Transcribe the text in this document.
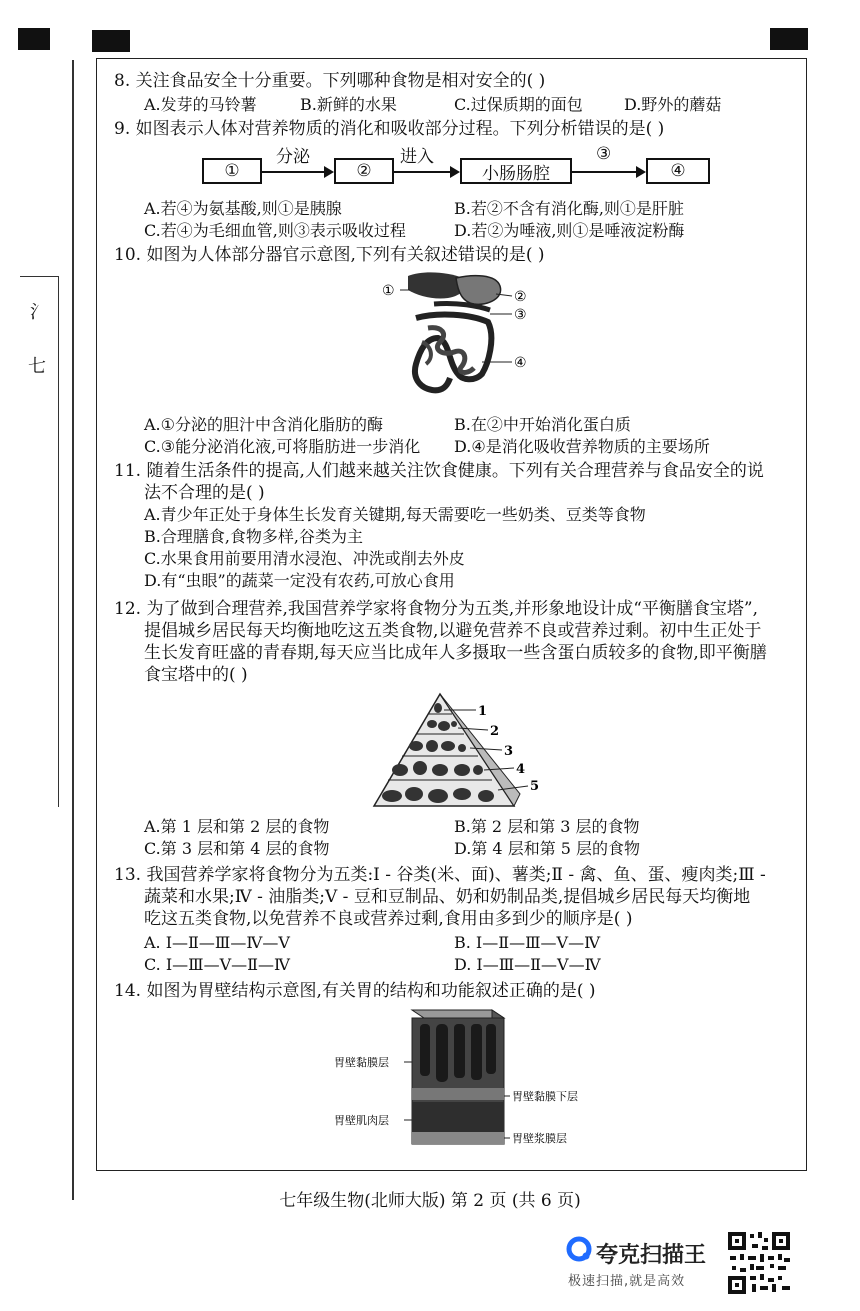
氵
七
8. 关注食品安全十分重要。下列哪种食物是相对安全的( )
A.发芽的马铃薯	B.新鲜的水果	C.过保质期的面包	D.野外的蘑菇
9. 如图表示人体对营养物质的消化和吸收部分过程。下列分析错误的是( )
①
分泌
②
进入
小肠肠腔
③
④
A.若④为氨基酸,则①是胰腺	B.若②不含有消化酶,则①是肝脏
C.若④为毛细血管,则③表示吸收过程	D.若②为唾液,则①是唾液淀粉酶
10. 如图为人体部分器官示意图,下列有关叙述错误的是( )
①	②
③
④
A.①分泌的胆汁中含消化脂肪的酶	B.在②中开始消化蛋白质
C.③能分泌消化液,可将脂肪进一步消化 D.④是消化吸收营养物质的主要场所
11. 随着生活条件的提高,人们越来越关注饮食健康。下列有关合理营养与食品安全的说
法不合理的是( )
A.青少年正处于身体生长发育关键期,每天需要吃一些奶类、豆类等食物
B.合理膳食,食物多样,谷类为主
C.水果食用前要用清水浸泡、冲洗或削去外皮
D.有“虫眼”的蔬菜一定没有农药,可放心食用
12. 为了做到合理营养,我国营养学家将食物分为五类,并形象地设计成“平衡膳食宝塔”,
提倡城乡居民每天均衡地吃这五类食物,以避免营养不良或营养过剩。初中生正处于
生长发育旺盛的青春期,每天应当比成年人多摄取一些含蛋白质较多的食物,即平衡膳
食宝塔中的( )
1
2
3
4
5
A.第 1 层和第 2 层的食物	B.第 2 层和第 3 层的食物
C.第 3 层和第 4 层的食物	D.第 4 层和第 5 层的食物
13. 我国营养学家将食物分为五类:Ⅰ - 谷类(米、面)、薯类;Ⅱ - 禽、鱼、蛋、瘦肉类;Ⅲ -
蔬菜和水果;Ⅳ - 油脂类;Ⅴ - 豆和豆制品、奶和奶制品类,提倡城乡居民每天均衡地
吃这五类食物,以免营养不良或营养过剩,食用由多到少的顺序是( )
A. Ⅰ—Ⅱ—Ⅲ—Ⅳ—Ⅴ	B. Ⅰ—Ⅱ—Ⅲ—Ⅴ—Ⅳ
C. Ⅰ—Ⅲ—Ⅴ—Ⅱ—Ⅳ	D. Ⅰ—Ⅲ—Ⅱ—Ⅴ—Ⅳ
14. 如图为胃壁结构示意图,有关胃的结构和功能叙述正确的是( )
胃壁黏膜层
胃壁黏膜下层
胃壁肌肉层
胃壁浆膜层
七年级生物(北师大版) 第 2 页 (共 6 页)
夸克扫描王
极速扫描,就是高效
